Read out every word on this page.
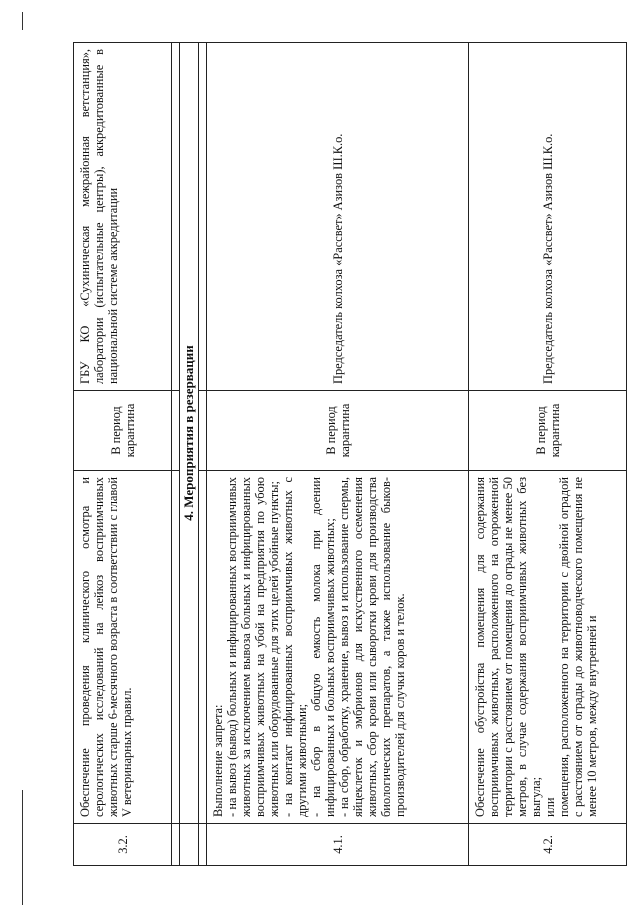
3.2.	Обеспечение проведения клинического осмотра и серологических исследований на лейкоз восприимчивых животных старше 6-месячного возраста в соответствии с главой V ветеринарных правил.	В период карантина	ГБУ КО «Сухиническая межрайонная ветстанция», лаборатории (испытательные центры), аккредитованные в национальной системе аккредитации

	4. Мероприятия в резервации		

4.1.	Выполнение запрета: - на вывоз (вывод) больных и инфицированных восприимчивых животных за исключением вывоза больных и инфицированных восприимчивых животных на убой на предприятия по убою животных или оборудованные для этих целей убойные пункты; - на контакт инфицированных восприимчивых животных с другими животными; - на сбор в общую емкость молока при доении инфицированных и больных восприимчивых животных; - на сбор, обработку, хранение, вывоз и использование спермы, яйцеклеток и эмбрионов для искусственного осеменения животных, сбор крови или сыворотки крови для производства биологических препаратов, а также использование быков-производителей для случки коров и телок.	В период карантина	Председатель колхоза «Рассвет» Азизов Ш.К.о.
4.2.	Обеспечение обустройства помещения для содержания восприимчивых животных, расположенного на огороженной территории с расстоянием от помещения до ограды не менее 50 метров, в случае содержания восприимчивых животных без выгула; или помещения, расположенного на территории с двойной оградой с расстоянием от ограды до животноводческого помещения не менее 10 метров, между внутренней и	В период карантина	Председатель колхоза «Рассвет» Азизов Ш.К.о.
